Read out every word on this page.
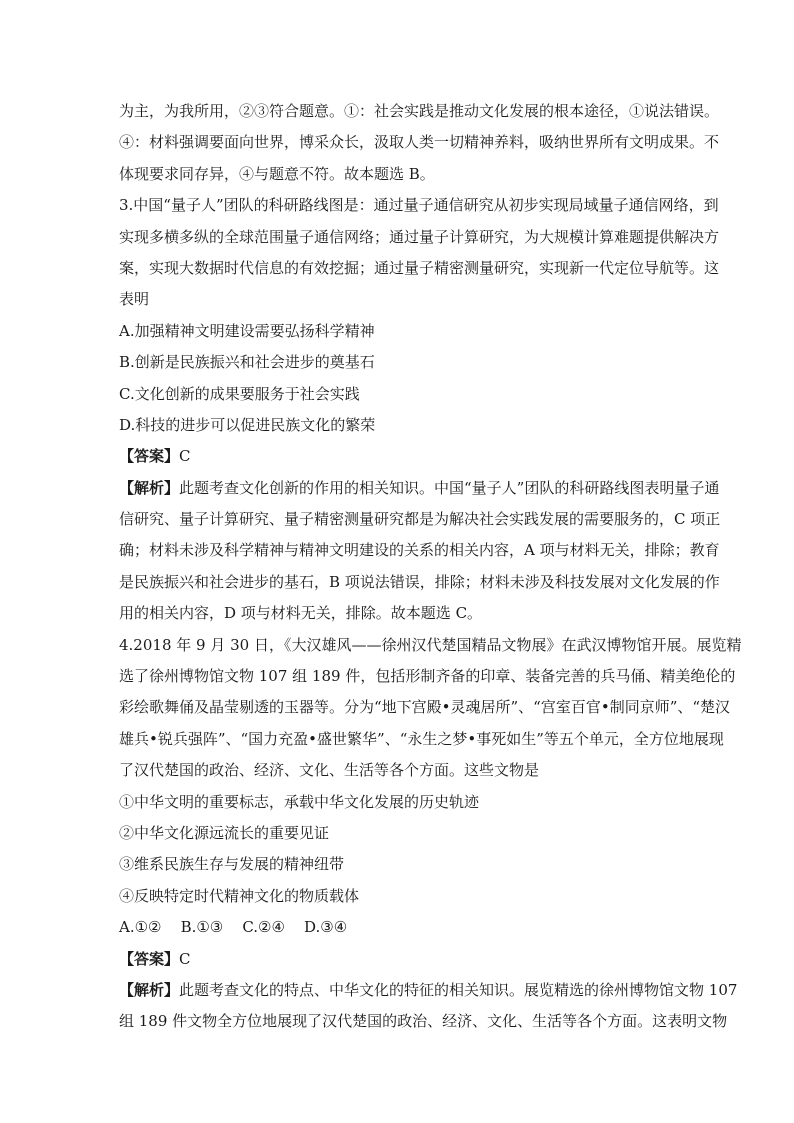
为主，为我所用，②③符合题意。①：社会实践是推动文化发展的根本途径，①说法错误。
④：材料强调要面向世界，博采众长，汲取人类一切精神养料，吸纳世界所有文明成果。不
体现要求同存异，④与题意不符。故本题选 B。
3.中国“量子人”团队的科研路线图是：通过量子通信研究从初步实现局域量子通信网络，到
实现多横多纵的全球范围量子通信网络；通过量子计算研究，为大规模计算难题提供解决方
案，实现大数据时代信息的有效挖掘；通过量子精密测量研究，实现新一代定位导航等。这
表明
A.加强精神文明建设需要弘扬科学精神
B.创新是民族振兴和社会进步的奠基石
C.文化创新的成果要服务于社会实践
D.科技的进步可以促进民族文化的繁荣
【答案】C
【解析】此题考查文化创新的作用的相关知识。中国“量子人”团队的科研路线图表明量子通
信研究、量子计算研究、量子精密测量研究都是为解决社会实践发展的需要服务的，C 项正
确；材料未涉及科学精神与精神文明建设的关系的相关内容，A 项与材料无关，排除；教育
是民族振兴和社会进步的基石，B 项说法错误，排除；材料未涉及科技发展对文化发展的作
用的相关内容，D 项与材料无关，排除。故本题选 C。
4.2018 年 9 月 30 日，《大汉雄风——徐州汉代楚国精品文物展》在武汉博物馆开展。展览精
选了徐州博物馆文物 107 组 189 件，包括形制齐备的印章、装备完善的兵马俑、精美绝伦的
彩绘歌舞俑及晶莹剔透的玉器等。分为“地下宫殿•灵魂居所”、“宫室百官•制同京师”、“楚汉
雄兵•锐兵强阵”、“国力充盈•盛世繁华”、“永生之梦•事死如生”等五个单元，全方位地展现
了汉代楚国的政治、经济、文化、生活等各个方面。这些文物是
①中华文明的重要标志，承载中华文化发展的历史轨迹
②中华文化源远流长的重要见证
③维系民族生存与发展的精神纽带
④反映特定时代精神文化的物质载体
A.①②    B.①③    C.②④    D.③④
【答案】C
【解析】此题考查文化的特点、中华文化的特征的相关知识。展览精选的徐州博物馆文物 107
组 189 件文物全方位地展现了汉代楚国的政治、经济、文化、生活等各个方面。这表明文物
